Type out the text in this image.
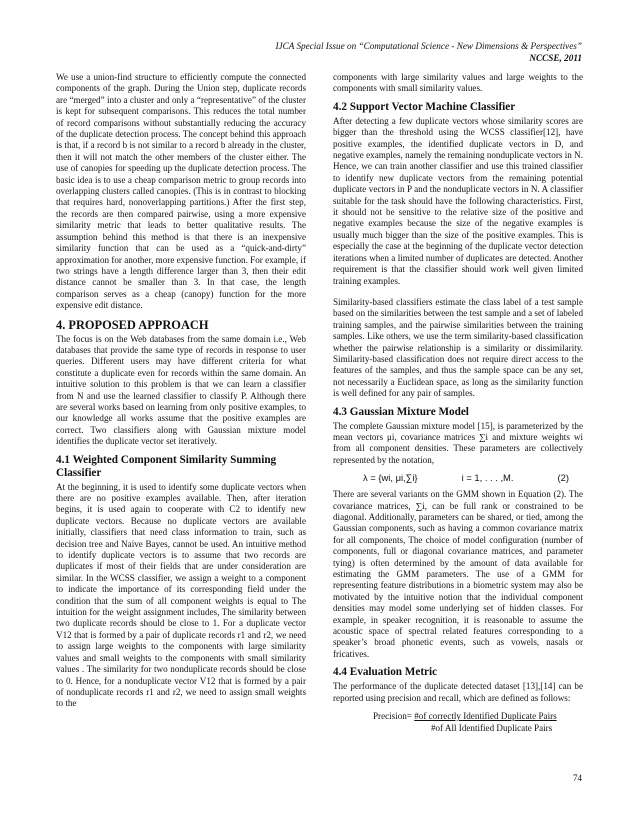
IJCA Special Issue on “Computational Science - New Dimensions & Perspectives”
NCCSE, 2011

We use a union-find structure to efficiently compute the connected components of the graph. During the Union step, duplicate records are “merged” into a cluster and only a “representative” of the cluster is kept for subsequent comparisons. This reduces the total number of record comparisons without substantially reducing the accuracy of the duplicate detection process. The concept behind this approach is that, if a record b is not similar to a record b already in the cluster, then it will not match the other members of the cluster either. The use of canopies for speeding up the duplicate detection process. The basic idea is to use a cheap comparison metric to group records into overlapping clusters called canopies. (This is in contrast to blocking that requires hard, nonoverlapping partitions.) After the first step, the records are then compared pairwise, using a more expensive similarity metric that leads to better qualitative results. The assumption behind this method is that there is an inexpensive similarity function that can be used as a “quick-and-dirty” approximation for another, more expensive function. For example, if two strings have a length difference larger than 3, then their edit distance cannot be smaller than 3. In that case, the length comparison serves as a cheap (canopy) function for the more expensive edit distance.

4. PROPOSED APPROACH

The focus is on the Web databases from the same domain i.e., Web databases that provide the same type of records in response to user queries. Different users may have different criteria for what constitute a duplicate even for records within the same domain. An intuitive solution to this problem is that we can learn a classifier from N and use the learned classifier to classify P. Although there are several works based on learning from only positive examples, to our knowledge all works assume that the positive examples are correct. Two classifiers along with Gaussian mixture model identifies the duplicate vector set iteratively.

4.1 Weighted Component Similarity Summing Classifier

At the beginning, it is used to identify some duplicate vectors when there are no positive examples available. Then, after iteration begins, it is used again to cooperate with C2 to identify new duplicate vectors. Because no duplicate vectors are available initially, classifiers that need class information to train, such as decision tree and Naive Bayes, cannot be used. An intuitive method to identify duplicate vectors is to assume that two records are duplicates if most of their fields that are under consideration are similar. In the WCSS classifier, we assign a weight to a component to indicate the importance of its corresponding field under the condition that the sum of all component weights is equal to The intuition for the weight assignment includes, The similarity between two duplicate records should be close to 1. For a duplicate vector V12 that is formed by a pair of duplicate records r1 and r2, we need to assign large weights to the components with large similarity values and small weights to the components with small similarity values . The similarity for two nonduplicate records should be close to 0. Hence, for a nonduplicate vector V12 that is formed by a pair of nonduplicate records r1 and r2, we need to assign small weights to the

components with large similarity values and large weights to the components with small similarity values.

4.2 Support Vector Machine Classifier

After detecting a few duplicate vectors whose similarity scores are bigger than the threshold using the WCSS classifier[12], have positive examples, the identified duplicate vectors in D, and negative examples, namely the remaining nonduplicate vectors in N. Hence, we can train another classifier and use this trained classifier to identify new duplicate vectors from the remaining potential duplicate vectors in P and the nonduplicate vectors in N. A classifier suitable for the task should have the following characteristics. First, it should not be sensitive to the relative size of the positive and negative examples because the size of the negative examples is usually much bigger than the size of the positive examples. This is especially the case at the beginning of the duplicate vector detection iterations when a limited number of duplicates are detected. Another requirement is that the classifier should work well given limited training examples.

Similarity-based classifiers estimate the class label of a test sample based on the similarities between the test sample and a set of labeled training samples, and the pairwise similarities between the training samples. Like others, we use the term similarity-based classification whether the pairwise relationship is a similarity or dissimilarity. Similarity-based classification does not require direct access to the features of the samples, and thus the sample space can be any set, not necessarily a Euclidean space, as long as the similarity function is well defined for any pair of samples.

4.3 Gaussian Mixture Model

The complete Gaussian mixture model [15], is parameterized by the mean vectors μi, covariance matrices ∑i and mixture weights wi from all component densities. These parameters are collectively represented by the notation,

λ = {wi, μi,∑i}	i = 1, . . . ,M.	(2)

There are several variants on the GMM shown in Equation (2). The covariance matrices, ∑i, can be full rank or constrained to be diagonal. Additionally, parameters can be shared, or tied, among the Gaussian components, such as having a common covariance matrix for all components, The choice of model configuration (number of components, full or diagonal covariance matrices, and parameter tying) is often determined by the amount of data available for estimating the GMM parameters. The use of a GMM for representing feature distributions in a biometric system may also be motivated by the intuitive notion that the individual component densities may model some underlying set of hidden classes. For example, in speaker recognition, it is reasonable to assume the acoustic space of spectral related features corresponding to a speaker’s broad phonetic events, such as vowels, nasals or fricatives.

4.4 Evaluation Metric

The performance of the duplicate detected dataset [13],[14] can be reported using precision and recall, which are defined as follows:

Precision= #of correctly Identified Duplicate Pairs
#of All Identified Duplicate Pairs
74
